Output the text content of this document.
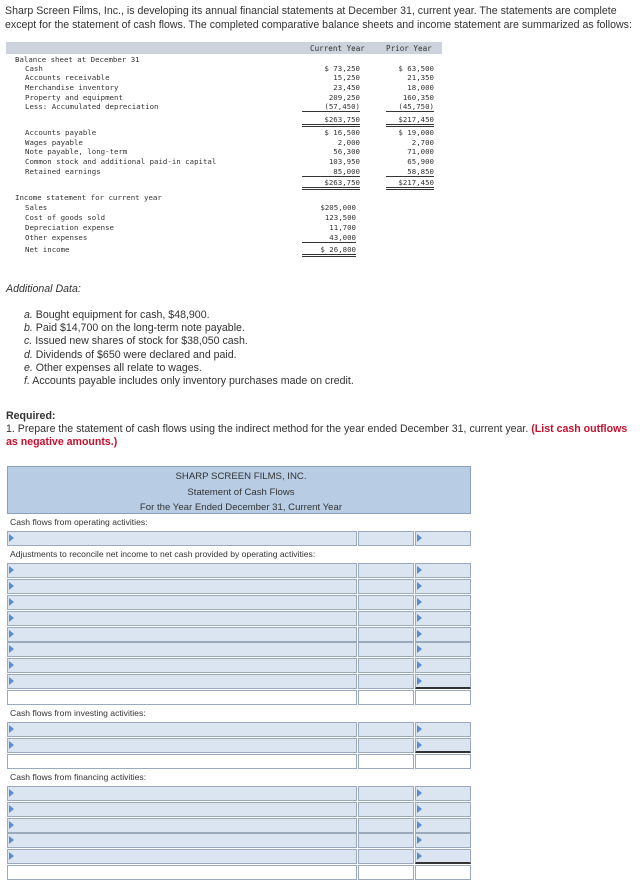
Sharp Screen Films, Inc., is developing its annual financial statements at December 31, current year. The statements are complete except for the statement of cash flows. The completed comparative balance sheets and income statement are summarized as follows:
Current Year	Prior Year
Balance sheet at December 31
Cash	$ 73,250	$ 63,500
Accounts receivable	15,250	21,350
Merchandise inventory	23,450	18,000
Property and equipment	209,250	160,350
Less: Accumulated depreciation	(57,450)	(45,750)
$263,750	$217,450
Accounts payable	$ 16,500	$ 19,000
Wages payable	2,000	2,700
Note payable, long-term	56,300	71,000
Common stock and additional paid-in capital	103,950	65,900
Retained earnings	85,000	58,850
$263,750	$217,450
Income statement for current year
Sales	$205,000
Cost of goods sold	123,500
Depreciation expense	11,700
Other expenses	43,000
Net income	$ 26,800
Additional Data:
a. Bought equipment for cash, $48,900.
b. Paid $14,700 on the long-term note payable.
c. Issued new shares of stock for $38,050 cash.
d. Dividends of $650 were declared and paid.
e. Other expenses all relate to wages.
f. Accounts payable includes only inventory purchases made on credit.
Required:
1. Prepare the statement of cash flows using the indirect method for the year ended December 31, current year. (List cash outflows as negative amounts.)
SHARP SCREEN FILMS, INC.
Statement of Cash Flows
For the Year Ended December 31, Current Year
Cash flows from operating activities:
Adjustments to reconcile net income to net cash provided by operating activities:
Cash flows from investing activities:
Cash flows from financing activities:
